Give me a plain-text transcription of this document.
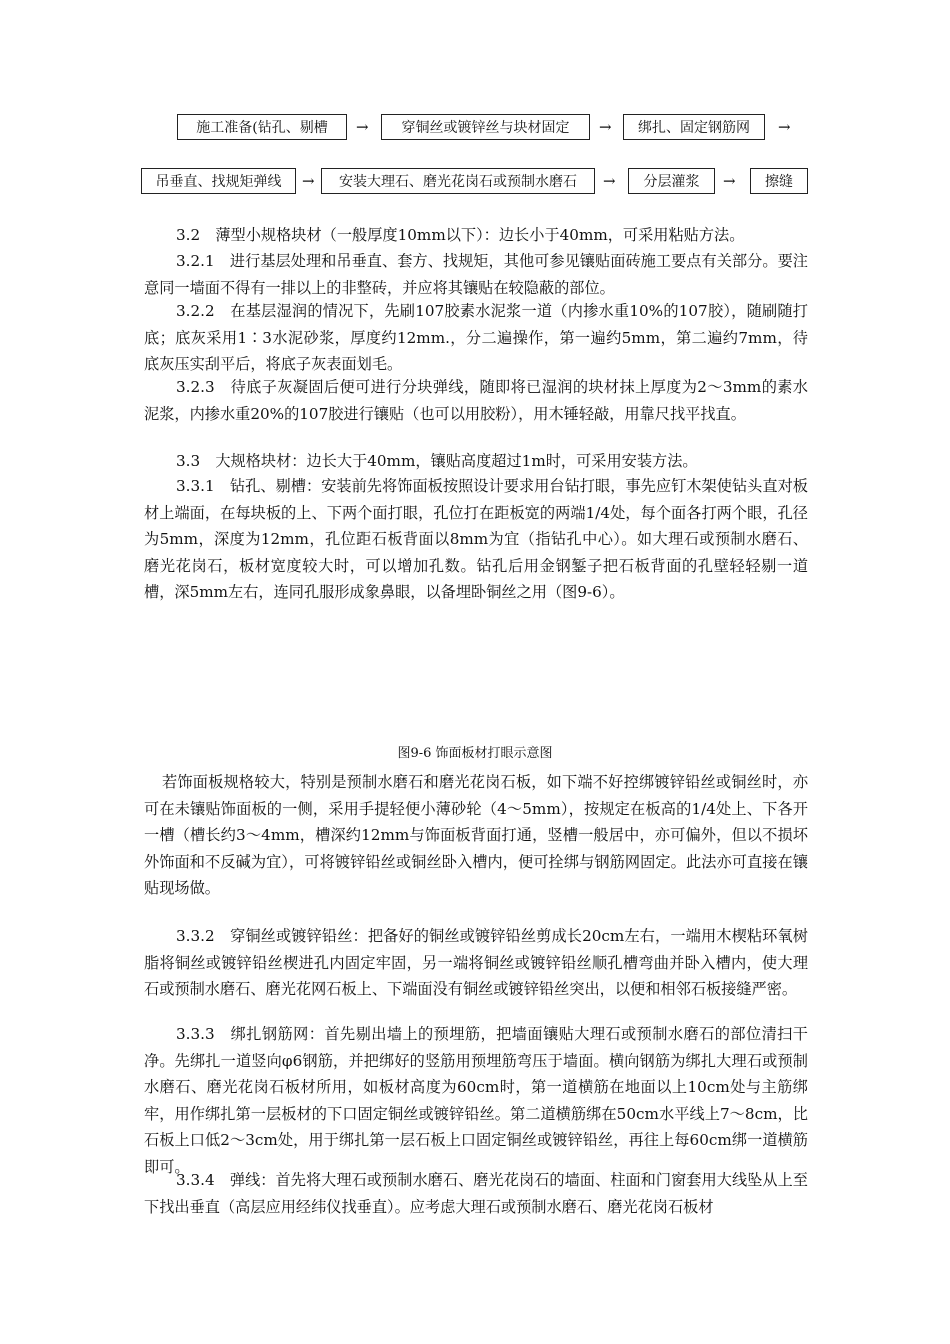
施工准备(钻孔、剔槽	→	穿铜丝或镀锌丝与块材固定	→	绑扎、固定钢筋网	→
吊垂直、找规矩弹线	→	安装大理石、磨光花岗石或预制水磨石	→	分层灌浆	→	擦缝

3.2　薄型小规格块材（一般厚度10mm以下）：边长小于40mm，可采用粘贴方法。

3.2.1　进行基层处理和吊垂直、套方、找规矩，其他可参见镶贴面砖施工要点有关部分。要注意同一墙面不得有一排以上的非整砖，并应将其镶贴在较隐蔽的部位。

3.2.2　在基层湿润的情况下，先刷107胶素水泥浆一道（内掺水重10%的107胶），随刷随打底；底灰采用1∶3水泥砂浆，厚度约12mm.，分二遍操作，第一遍约5mm，第二遍约7mm，待底灰压实刮平后，将底子灰表面划毛。

3.2.3　待底子灰凝固后便可进行分块弹线，随即将已湿润的块材抹上厚度为2～3mm的素水泥浆，内掺水重20%的107胶进行镶贴（也可以用胶粉），用木锤轻敲，用靠尺找平找直。

3.3　大规格块材：边长大于40mm，镶贴高度超过1m时，可采用安装方法。

3.3.1　钻孔、剔槽：安装前先将饰面板按照设计要求用台钻打眼，事先应钉木架使钻头直对板材上端面，在每块板的上、下两个面打眼，孔位打在距板宽的两端1/4处，每个面各打两个眼，孔径为5mm，深度为12mm，孔位距石板背面以8mm为宜（指钻孔中心）。如大理石或预制水磨石、磨光花岗石，板材宽度较大时，可以增加孔数。钻孔后用金钢錾子把石板背面的孔壁轻轻剔一道槽，深5mm左右，连同孔服形成象鼻眼，以备埋卧铜丝之用（图9-6）。

图9-6 饰面板材打眼示意图

若饰面板规格较大，特别是预制水磨石和磨光花岗石板，如下端不好控绑镀锌铅丝或铜丝时，亦可在未镶贴饰面板的一侧，采用手提轻便小薄砂轮（4～5mm），按规定在板高的1/4处上、下各开一槽（槽长约3～4mm，槽深约12mm与饰面板背面打通，竖槽一般居中，亦可偏外，但以不损坏外饰面和不反碱为宜），可将镀锌铅丝或铜丝卧入槽内，便可拴绑与钢筋网固定。此法亦可直接在镶贴现场做。

3.3.2　穿铜丝或镀锌铅丝：把备好的铜丝或镀锌铅丝剪成长20cm左右，一端用木楔粘环氧树脂将铜丝或镀锌铅丝楔进孔内固定牢固，另一端将铜丝或镀锌铅丝顺孔槽弯曲并卧入槽内，使大理石或预制水磨石、磨光花网石板上、下端面没有铜丝或镀锌铅丝突出，以便和相邻石板接缝严密。

3.3.3　绑扎钢筋网：首先剔出墙上的预埋筋，把墙面镶贴大理石或预制水磨石的部位清扫干净。先绑扎一道竖向φ6钢筋，并把绑好的竖筋用预埋筋弯压于墙面。横向钢筋为绑扎大理石或预制水磨石、磨光花岗石板材所用，如板材高度为60cm时，第一道横筋在地面以上10cm处与主筋绑牢，用作绑扎第一层板材的下口固定铜丝或镀锌铅丝。第二道横筋绑在50cm水平线上7～8cm，比石板上口低2～3cm处，用于绑扎第一层石板上口固定铜丝或镀锌铅丝，再往上每60cm绑一道横筋即可。

3.3.4　弹线：首先将大理石或预制水磨石、磨光花岗石的墙面、柱面和门窗套用大线坠从上至下找出垂直（高层应用经纬仪找垂直）。应考虑大理石或预制水磨石、磨光花岗石板材
